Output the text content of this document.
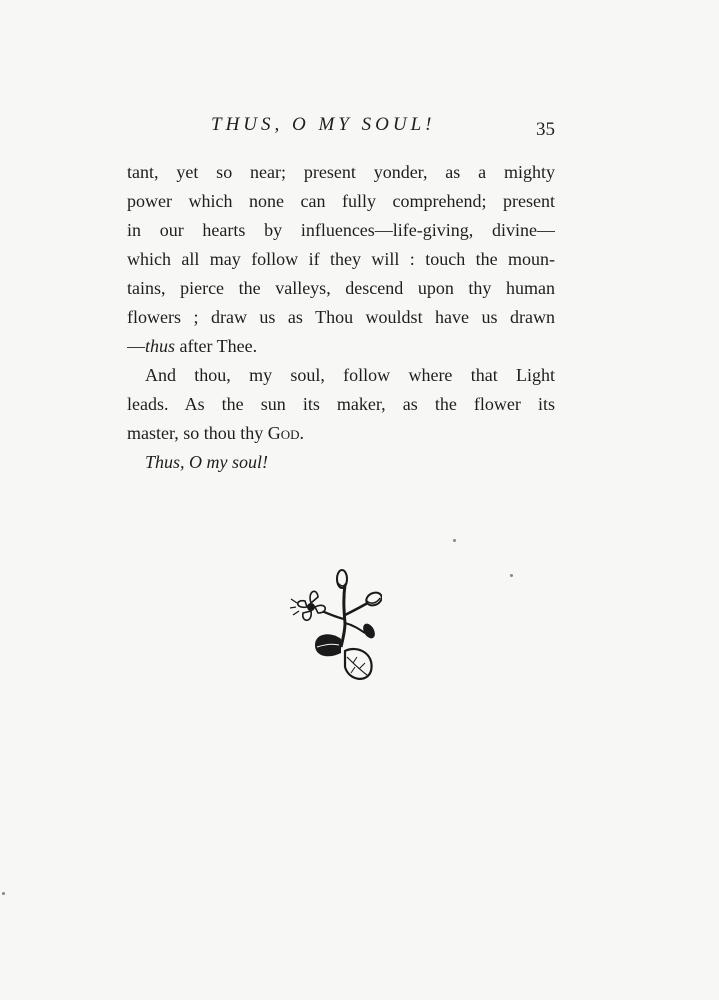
THUS, O MY SOUL!	35
tant, yet so near; present yonder, as a mighty
power which none can fully comprehend; present
in our hearts by influences—life-giving, divine—
which all may follow if they will : touch the moun-
tains, pierce the valleys, descend upon thy human
flowers ; draw us as Thou wouldst have us drawn
—thus after Thee.
And thou, my soul, follow where that Light
leads. As the sun its maker, as the flower its
master, so thou thy God.
Thus, O my soul!
